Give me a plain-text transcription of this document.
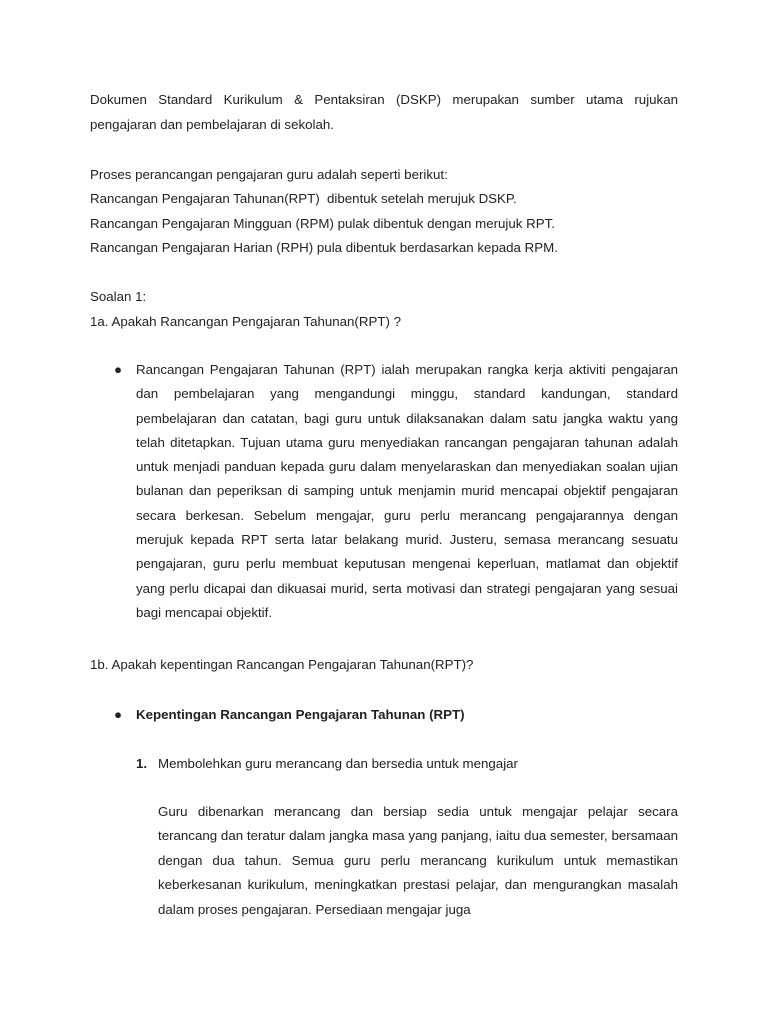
Dokumen Standard Kurikulum & Pentaksiran (DSKP) merupakan sumber utama rujukan pengajaran dan pembelajaran di sekolah.

Proses perancangan pengajaran guru adalah seperti berikut:
Rancangan Pengajaran Tahunan(RPT)  dibentuk setelah merujuk DSKP.
Rancangan Pengajaran Mingguan (RPM) pulak dibentuk dengan merujuk RPT.
Rancangan Pengajaran Harian (RPH) pula dibentuk berdasarkan kepada RPM.
Soalan 1:
1a. Apakah Rancangan Pengajaran Tahunan(RPT) ?
● Rancangan Pengajaran Tahunan (RPT) ialah merupakan rangka kerja aktiviti pengajaran dan pembelajaran yang mengandungi minggu, standard kandungan, standard pembelajaran dan catatan, bagi guru untuk dilaksanakan dalam satu jangka waktu yang telah ditetapkan. Tujuan utama guru menyediakan rancangan pengajaran tahunan adalah untuk menjadi panduan kepada guru dalam menyelaraskan dan menyediakan soalan ujian bulanan dan peperiksan di samping untuk menjamin murid mencapai objektif pengajaran secara berkesan. Sebelum mengajar, guru perlu merancang pengajarannya dengan merujuk kepada RPT serta latar belakang murid. Justeru, semasa merancang sesuatu pengajaran, guru perlu membuat keputusan mengenai keperluan, matlamat dan objektif yang perlu dicapai dan dikuasai murid, serta motivasi dan strategi pengajaran yang sesuai bagi mencapai objektif.

1b. Apakah kepentingan Rancangan Pengajaran Tahunan(RPT)?
● Kepentingan Rancangan Pengajaran Tahunan (RPT)
1. Membolehkan guru merancang dan bersedia untuk mengajar

Guru dibenarkan merancang dan bersiap sedia untuk mengajar pelajar secara terancang dan teratur dalam jangka masa yang panjang, iaitu dua semester, bersamaan dengan dua tahun. Semua guru perlu merancang kurikulum untuk memastikan keberkesanan kurikulum, meningkatkan prestasi pelajar, dan mengurangkan masalah dalam proses pengajaran. Persediaan mengajar juga
